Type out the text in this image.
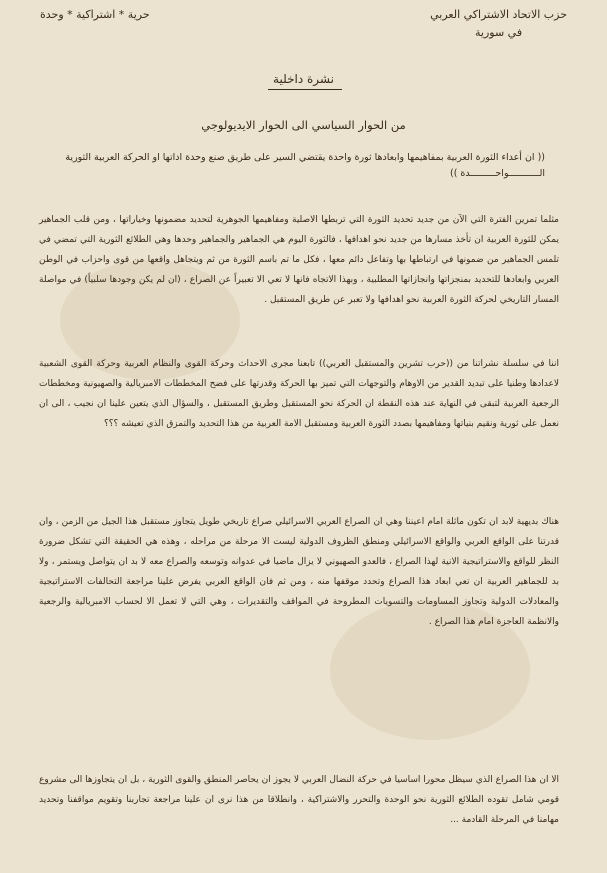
حزب الاتحاد الاشتراكي العربي
في سورية
حرية * اشتراكية * وحدة
نشرة داخلية
من الحوار السياسي الى الحوار الايديولوجي
(( ان أعداء الثورة العربية بمفاهيمها وابعادها ثورة واحدة يقتضي السير على طريق صنع وحدة اداتها او الحركة العربية الثورية الـــــــــــواحـــــــــدة ))
مثلما تمرين الفترة التي الآن من جديد تحديد الثورة التي تربطها الاصلية ومفاهيمها الجوهرية لتحديد مضمونها وخياراتها ، ومن قلب الجماهير يمكن للثورة العربية ان تأخذ مسارها من جديد نحو اهدافها ، فالثورة اليوم هي الجماهير والجماهير وحدها وهي الطلائع الثورية التي تمضي في تلمس الجماهير من ضمونها في ارتباطها بها وتفاعل دائم معها ، فكل ما تم باسم الثورة من ثم ويتجاهل واقعها من قوى واحزاب في الوطن العربي وابعادها للتحديد بمنجزاتها وانجازاتها المطلبية ، وبهذا الاتجاه فانها لا تعي الا تعبيراً عن الصراع ، (ان لم يكن وجودها سلبياً) في مواصلة المسار التاريخي لحركة الثورة العربية نحو اهدافها ولا تعبر عن طريق المستقبل .
اننا في سلسلة نشراتنا من ((حرب تشرين والمستقبل العربي)) تابعنا مجرى الاحداث وحركة القوى والنظام العربية وحركة القوى الشعبية لاعدادها وطنيا على تبديد القدير من الاوهام والتوجهات التي تميز بها الحركة وقدرتها على فضح المخططات الامبريالية والصهيونية ومخططات الرجعية العربية لتبقى في النهاية عند هذه النقطة ان الحركة نحو المستقبل وطريق المستقبل ، والسؤال الذي يتعين علينا ان نجيب ، الى ان نعمل على ثورية ونقيم بنياتها ومفاهيمها بصدد الثورة العربية ومستقبل الامة العربية من هذا التحديد والتمزق الذي تعيشه ؟؟؟
هناك بديهية لابد ان تكون ماثلة امام اعيننا وهي ان الصراع العربي الاسرائيلي صراع تاريخي طويل يتجاوز مستقبل هذا الجيل من الزمن ، وان قدرتنا على الواقع العربي والواقع الاسرائيلي ومنطق الظروف الدولية ليست الا مرحلة من مراحله ، وهذه هي الحقيقة التي تشكل ضرورة النظر للواقع والاستراتيجية الانية لهذا الصراع ، فالعدو الصهيوني لا يزال ماضيا في عدوانه وتوسعه والصراع معه لا بد ان يتواصل ويستمر ، ولا بد للجماهير العربية ان تعي ابعاد هذا الصراع وتحدد موقفها منه ، ومن ثم فان الواقع العربي يفرض علينا مراجعة التحالفات الاستراتيجية والمعادلات الدولية وتجاوز المساومات والتسويات المطروحة في المواقف والتقديرات ، وهي التي لا تعمل الا لحساب الامبريالية والرجعية والانظمة العاجزة امام هذا الصراع .
الا ان هذا الصراع الذي سيظل محورا اساسيا في حركة النضال العربي لا يجوز ان يحاصر المنطق والقوى الثورية ، بل ان يتجاوزها الى مشروع قومي شامل تقوده الطلائع الثورية نحو الوحدة والتحرر والاشتراكية ، وانطلاقا من هذا نرى ان علينا مراجعة تجاربنا وتقويم مواقفنا وتحديد مهامنا في المرحلة القادمة ...
